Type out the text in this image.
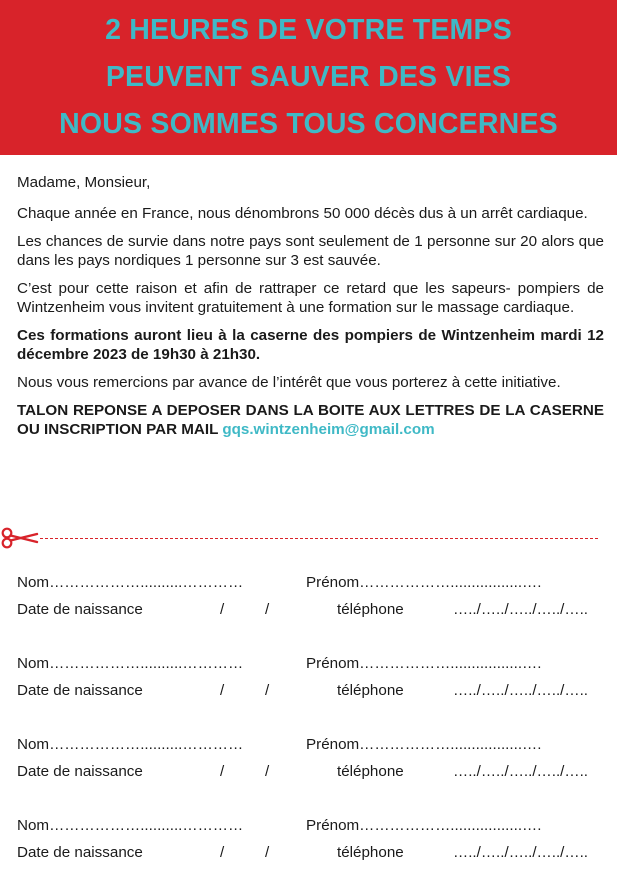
2 HEURES DE VOTRE TEMPS
PEUVENT SAUVER DES VIES
NOUS SOMMES TOUS CONCERNES

Madame, Monsieur,

Chaque année en France, nous dénombrons 50 000 décès dus à un arrêt cardiaque.

Les chances de survie dans notre pays sont seulement de 1 personne sur 20 alors que dans les pays nordiques 1 personne sur 3 est sauvée.

C’est pour cette raison et afin de rattraper ce retard que les sapeurs- pompiers de Wintzenheim vous invitent gratuitement à une formation sur le massage cardiaque.

Ces formations auront lieu à la caserne des pompiers de Wintzenheim mardi 12 décembre 2023 de 19h30 à 21h30.

Nous vous remercions par avance de l’intérêt que vous porterez à cette initiative.

TALON REPONSE A DEPOSER DANS LA BOITE AUX LETTRES DE LA CASERNE OU INSCRIPTION PAR MAIL gqs.wintzenheim@gmail.com

Nom………………..........…………	Prénom……………….................….
Date de naissance	/	/	téléphone	…../…../…../…../…..
Nom………………..........…………	Prénom……………….................….
Date de naissance	/	/	téléphone	…../…../…../…../…..
Nom………………..........…………	Prénom……………….................….
Date de naissance	/	/	téléphone	…../…../…../…../…..
Nom………………..........…………	Prénom……………….................….
Date de naissance	/	/	téléphone	…../…../…../…../…..
